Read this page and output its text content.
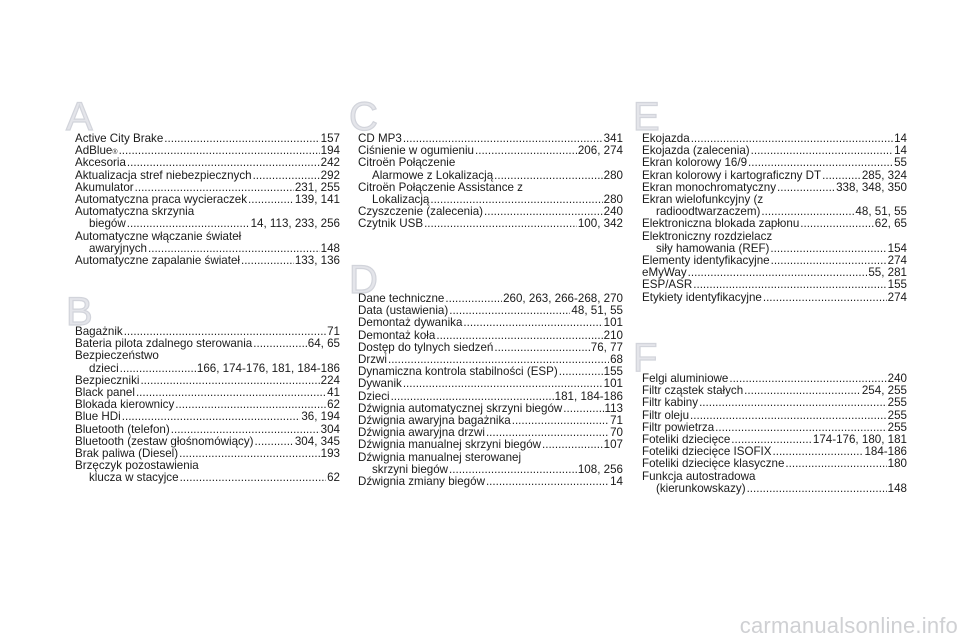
A
Active City Brake .....	157
AdBlue ® .....	194
Akcesoria .....	242
Aktualizacja stref niebezpiecznych .....	292
Akumulator .....	231, 255
Automatyczna praca wycieraczek .....	139, 141
Automatyczna skrzynia
biegów .....	14, 113, 233, 256
Automatyczne włączanie świateł
awaryjnych .....	148
Automatyczne zapalanie świateł .....	133, 136
B
Bagażnik .....	71
Bateria pilota zdalnego sterowania .....	64, 65
Bezpieczeństwo
dzieci .....	166, 174-176, 181, 184-186
Bezpieczniki .....	224
Black panel .....	41
Blokada kierownicy .....	62
Blue HDi .....	36, 194
Bluetooth (telefon) .....	304
Bluetooth (zestaw głośnomówiący) .....	304, 345
Brak paliwa (Diesel) .....	193
Brzęczyk pozostawienia
klucza w stacyjce .....	62
C
CD MP3 .....	341
Ciśnienie w ogumieniu .....	206, 274
Citroën Połączenie
Alarmowe z Lokalizacją .....	280
Citroën Połączenie Assistance z
Lokalizacją .....	280
Czyszczenie (zalecenia) .....	240
Czytnik USB .....	100, 342
D
Dane techniczne .....	260, 263, 266-268, 270
Data (ustawienia) .....	48, 51, 55
Demontaż dywanika .....	101
Demontaż koła .....	210
Dostęp do tylnych siedzeń .....	76, 77
Drzwi .....	68
Dynamiczna kontrola stabilności (ESP) .....	155
Dywanik .....	101
Dzieci .....	181, 184-186
Dźwignia automatycznej skrzyni biegów .....	113
Dźwignia awaryjna bagażnika .....	71
Dźwignia awaryjna drzwi .....	70
Dźwignia manualnej skrzyni biegów .....	107
Dźwignia manualnej sterowanej
skrzyni biegów .....	108, 256
Dźwignia zmiany biegów .....	14
E
Ekojazda .....	14
Ekojazda (zalecenia) .....	14
Ekran kolorowy 16/9 .....	55
Ekran kolorowy i kartograficzny DT .....	285, 324
Ekran monochromatyczny .....	338, 348, 350
Ekran wielofunkcyjny (z
radioodtwarzaczem) .....	48, 51, 55
Elektroniczna blokada zapłonu .....	62, 65
Elektroniczny rozdzielacz
siły hamowania (REF) .....	154
Elementy identyfikacyjne .....	274
eMyWay .....	55, 281
ESP/ASR .....	155
Etykiety identyfikacyjne .....	274
F
Felgi aluminiowe .....	240
Filtr cząstek stałych .....	254, 255
Filtr kabiny .....	255
Filtr oleju .....	255
Filtr powietrza .....	255
Foteliki dziecięce .....	174-176, 180, 181
Foteliki dziecięce ISOFIX .....	184-186
Foteliki dziecięce klasyczne .....	180
Funkcja autostradowa
(kierunkowskazy) .....	148
carmanualsonline.info
